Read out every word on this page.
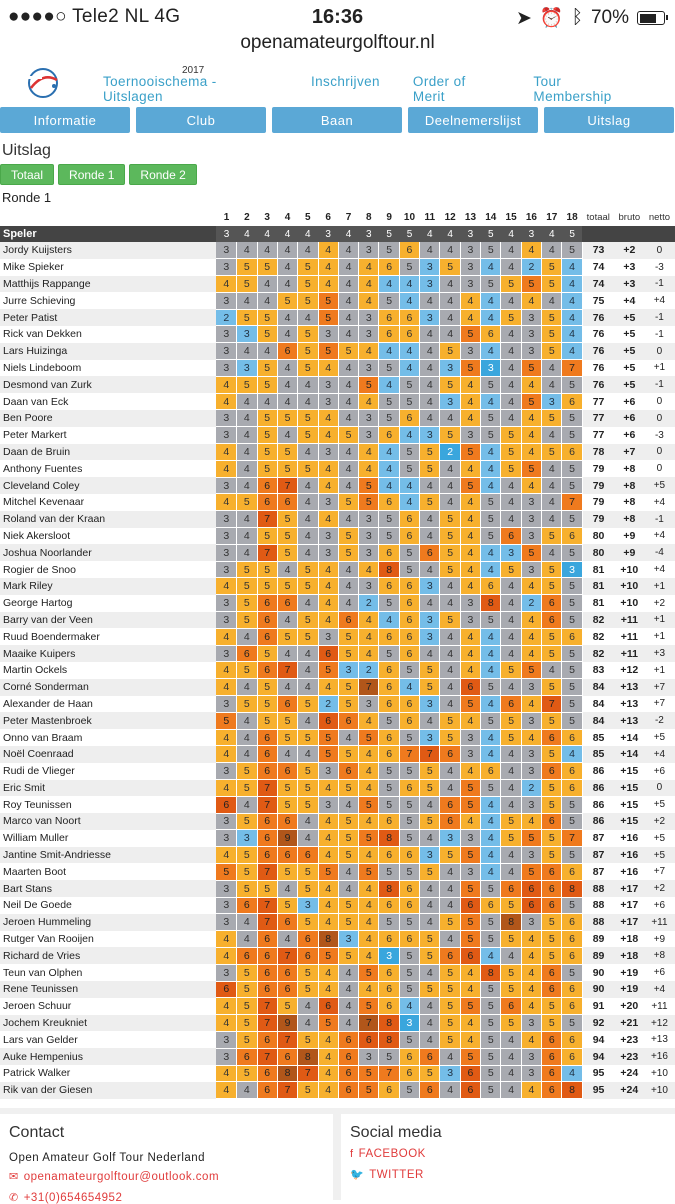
●●●●○ Tele2 NL 4G	16:36	➤ ⏰ ᛒ 70%
openamateurgolftour.nl
2017
Toernooischema - Uitslagen
Inschrijven Order of Merit
Tour Membership
Informatie	Club	Baan	Deelnemerslijst	Uitslag
Uitslag
Totaal	Ronde 1	Ronde 2
Ronde 1
	1	2	3	4	5	6	7	8	9	10	11	12	13	14	15	16	17	18	totaal	bruto	netto
Speler	3	4	4	4	4	3	4	3	5	5	4	4	3	5	4	3	4	5			
Jordy Kuijsters	3	4	4	4	4	4	4	3	5	6	4	4	3	5	4	4	4	5	73	+2	0
Mike Spieker	3	5	5	4	5	4	4	4	6	5	3	5	3	4	4	2	5	4	74	+3	-3
Matthijs Rappange	4	5	4	4	5	4	4	4	4	4	3	4	3	5	5	5	5	4	74	+3	-1
Jurre Schieving	3	4	4	5	5	5	4	4	5	4	4	4	4	4	4	4	4	4	75	+4	+4
Peter Patist	2	5	5	4	4	5	4	3	6	6	3	4	4	4	5	3	5	4	76	+5	-1
Rick van Dekken	3	3	5	4	5	3	4	3	6	6	4	4	5	6	4	3	5	4	76	+5	-1
Lars Huizinga	3	4	4	6	5	5	5	4	4	4	4	5	3	4	4	3	5	4	76	+5	0
Niels Lindeboom	3	3	5	4	5	4	4	3	5	4	4	3	5	3	4	5	4	7	76	+5	+1
Desmond van Zurk	4	5	5	4	4	3	4	5	4	5	4	5	4	5	4	4	4	5	76	+5	-1
Daan van Eck	4	4	4	4	4	3	4	4	5	5	4	3	4	4	4	5	3	6	77	+6	0
Ben Poore	3	4	5	5	5	4	4	3	5	6	4	4	4	5	4	4	5	5	77	+6	0
Peter Markert	3	4	5	4	5	4	5	3	6	4	3	5	3	5	5	4	4	5	77	+6	-3
Daan de Bruin	4	4	5	5	4	3	4	4	4	5	5	2	5	4	5	4	5	6	78	+7	0
Anthony Fuentes	4	4	5	5	5	4	4	4	4	5	5	4	4	4	5	5	4	5	79	+8	0
Cleveland Coley	3	4	6	7	4	4	4	5	4	4	4	4	5	4	4	4	4	5	79	+8	+5
Mitchel Kevenaar	4	5	6	6	4	3	5	5	6	4	5	4	4	5	4	3	4	7	79	+8	+4
Roland van der Kraan	3	4	7	5	4	4	4	3	5	6	4	5	4	5	4	3	4	5	79	+8	-1
Niek Akersloot	3	4	5	5	4	3	5	3	5	6	4	5	4	5	6	3	5	6	80	+9	+4
Joshua Noorlander	3	4	7	5	4	3	5	3	6	5	6	5	4	4	3	5	4	5	80	+9	-4
Rogier de Snoo	3	5	5	4	5	4	4	4	8	5	4	5	4	4	5	3	5	3	81	+10	+4
Mark Riley	4	5	5	5	5	4	4	3	6	6	3	4	4	6	4	4	5	5	81	+10	+1
George Hartog	3	5	6	6	4	4	4	2	5	6	4	4	3	8	4	2	6	5	81	+10	+2
Barry van der Veen	3	5	6	4	5	4	6	4	4	6	3	5	3	5	4	4	6	5	82	+11	+1
Ruud Boendermaker	4	4	6	5	5	3	5	4	6	6	3	4	4	4	4	4	5	6	82	+11	+1
Maaike Kuipers	3	6	5	4	4	6	5	4	5	6	4	4	4	4	4	4	5	5	82	+11	+3
Martin Ockels	4	5	6	7	4	5	3	2	6	5	5	4	4	4	5	5	4	5	83	+12	+1
Corné Sonderman	4	4	5	4	4	4	5	7	6	4	5	4	6	5	4	3	5	5	84	+13	+7
Alexander de Haan	3	5	5	6	5	2	5	3	6	6	3	4	5	4	6	4	7	5	84	+13	+7
Peter Mastenbroek	5	4	5	5	4	6	6	4	5	6	4	5	4	5	5	3	5	5	84	+13	-2
Onno van Braam	4	4	6	5	5	5	4	5	6	5	3	5	3	4	5	4	6	6	85	+14	+5
Noël Coenraad	4	4	6	4	4	5	5	4	6	7	7	6	3	4	4	3	5	4	85	+14	+4
Rudi de Vlieger	3	5	6	6	5	3	6	4	5	5	5	4	4	6	4	3	6	6	86	+15	+6
Eric Smit	4	5	7	5	5	4	5	4	5	6	5	4	5	5	4	2	5	6	86	+15	0
Roy Teunissen	6	4	7	5	5	3	4	5	5	5	4	6	5	4	4	3	5	5	86	+15	+5
Marco van Noort	3	5	6	6	4	4	5	4	6	5	5	6	4	4	5	4	6	5	86	+15	+2
William Muller	3	3	6	9	4	4	5	5	8	5	4	3	3	4	5	5	5	7	87	+16	+5
Jantine Smit-Andriesse	4	5	6	6	6	4	5	4	6	6	3	5	5	4	4	3	5	5	87	+16	+5
Maarten Boot	5	5	7	5	5	5	4	5	5	5	5	4	3	4	4	5	6	6	87	+16	+7
Bart Stans	3	5	5	4	5	4	4	4	8	6	4	4	5	5	6	6	6	8	88	+17	+2
Neil De Goede	3	6	7	5	3	4	5	4	6	6	4	4	6	6	5	6	6	5	88	+17	+6
Jeroen Hummeling	3	4	7	6	5	4	5	4	5	5	4	5	5	5	8	3	5	6	88	+17	+11
Rutger Van Rooijen	4	4	6	4	6	8	3	4	6	6	5	4	5	5	5	4	5	6	89	+18	+9
Richard de Vries	4	6	6	7	6	5	5	4	3	5	5	6	6	4	4	4	5	6	89	+18	+8
Teun van Olphen	3	5	6	6	5	4	4	5	6	5	4	5	4	8	5	4	6	5	90	+19	+6
Rene Teunissen	6	5	6	6	5	4	4	4	6	5	5	5	4	5	5	4	6	6	90	+19	+4
Jeroen Schuur	4	5	7	5	4	6	4	5	6	4	4	5	5	5	6	4	5	6	91	+20	+11
Jochem Kreukniet	4	5	7	9	4	5	4	7	8	3	4	5	4	5	5	3	5	5	92	+21	+12
Lars van Gelder	3	5	6	7	5	4	6	6	8	5	4	5	4	5	4	4	6	6	94	+23	+13
Auke Hempenius	3	6	7	6	8	4	6	3	5	6	6	4	5	5	4	3	6	6	94	+23	+16
Patrick Walker	4	5	6	8	7	4	6	5	7	6	5	3	6	5	4	3	6	4	95	+24	+10
Rik van der Giesen	4	4	6	7	5	4	6	5	6	5	6	4	6	5	4	4	6	8	95	+24	+10
Contact
Open Amateur Golf Tour Nederland
✉ openamateurgolftour@outlook.com
✆ +31(0)654654952
Social media
f FACEBOOK
🐦 TWITTER
